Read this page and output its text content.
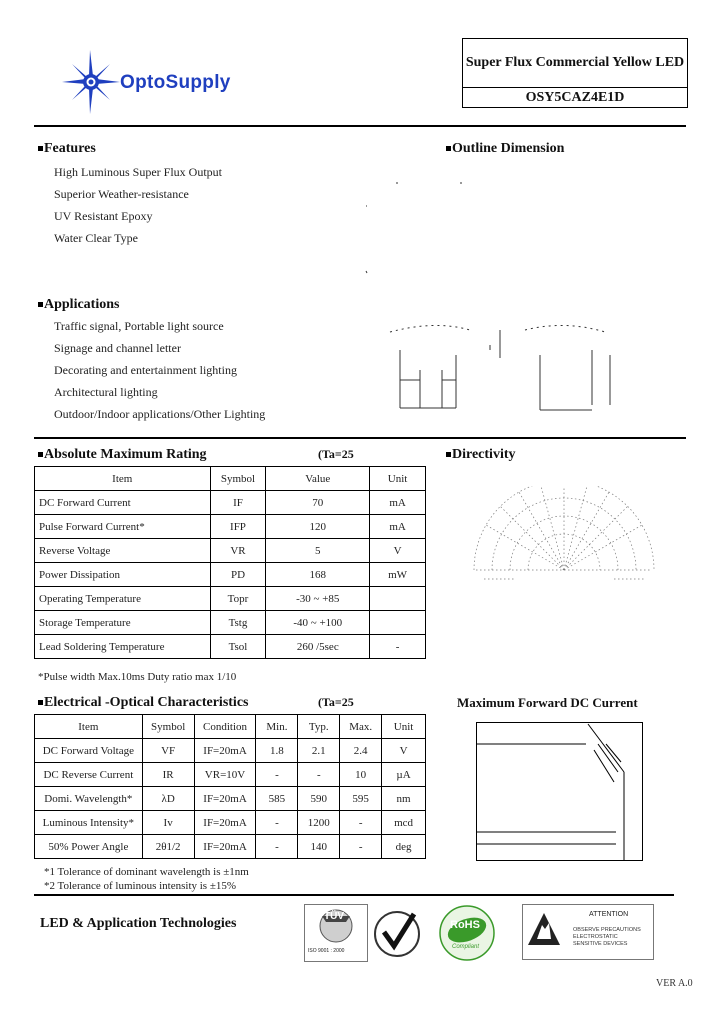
OptoSupply
Super Flux Commercial Yellow LED
OSY5CAZ4E1D
Features
High Luminous Super Flux Output
Superior Weather-resistance
UV Resistant Epoxy
Water Clear Type
Outline Dimension
Applications
Traffic signal, Portable light source
Signage and channel letter
Decorating and entertainment lighting
Architectural lighting
Outdoor/Indoor applications/Other Lighting
Absolute Maximum Rating	(Ta=25
Item	Symbol	Value	Unit
DC Forward Current	IF	70	mA
Pulse Forward Current*	IFP	120	mA
Reverse Voltage	VR	5	V
Power Dissipation	PD	168	mW
Operating Temperature	Topr	-30 ~ +85	
Storage Temperature	Tstg	-40 ~ +100	
Lead Soldering Temperature	Tsol	260 /5sec	-
*Pulse width Max.10ms Duty ratio max 1/10
Directivity
Electrical -Optical Characteristics	(Ta=25
Item	Symbol	Condition	Min.	Typ.	Max.	Unit
DC Forward Voltage	VF	IF=20mA	1.8	2.1	2.4	V
DC Reverse Current	IR	VR=10V	-	-	10	µA
Domi. Wavelength*	λD	IF=20mA	585	590	595	nm
Luminous Intensity*	Iv	IF=20mA	-	1200	-	mcd
50% Power Angle	2θ1/2	IF=20mA	-	140	-	deg
*1 Tolerance of dominant wavelength is ±1nm
*2 Tolerance of luminous intensity is ±15%
Maximum Forward DC Current
LED & Application Technologies	TÜV
ISO 9001 : 2000
RoHS
Compliant
ATTENTION
OBSERVE PRECAUTIONS
ELECTROSTATIC
SENSITIVE DEVICES
VER A.0
